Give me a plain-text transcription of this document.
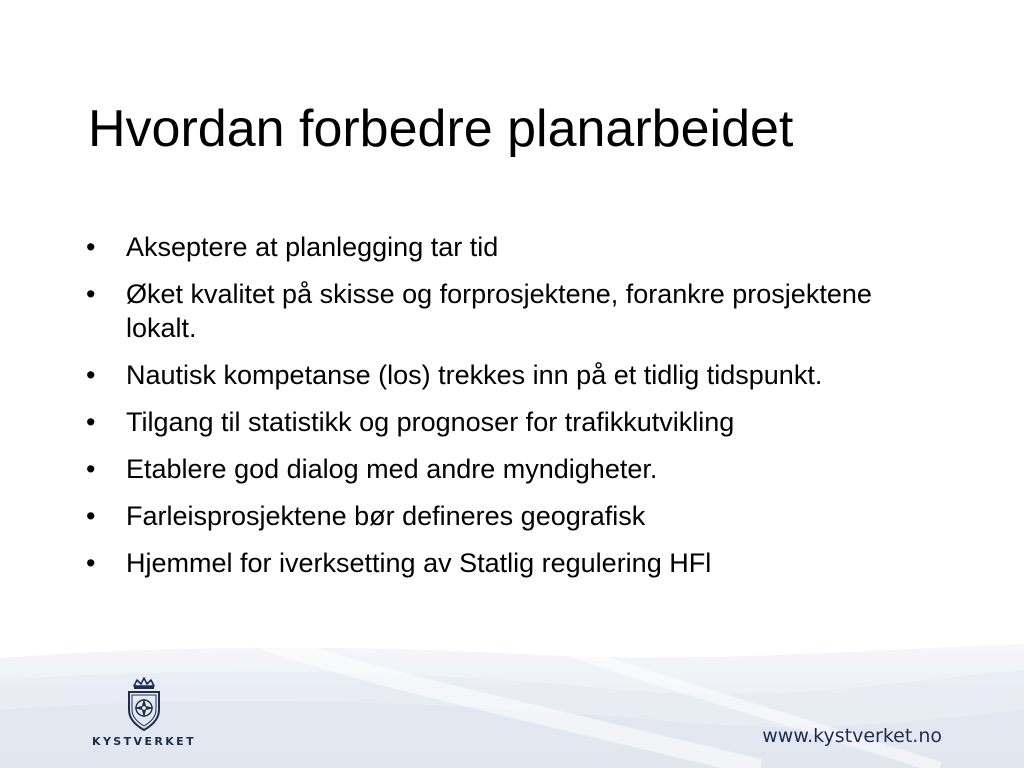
Hvordan forbedre planarbeidet
•	Akseptere at planlegging tar tid
•	Øket kvalitet på skisse og forprosjektene, forankre prosjektene lokalt.
•	Nautisk kompetanse (los) trekkes inn på et tidlig tidspunkt.
•	Tilgang til statistikk og prognoser for trafikkutvikling
•	Etablere god dialog med andre myndigheter.
•	Farleisprosjektene bør defineres geografisk
•	Hjemmel for iverksetting av Statlig regulering HFl
KYSTVERKET	www.kystverket.no
